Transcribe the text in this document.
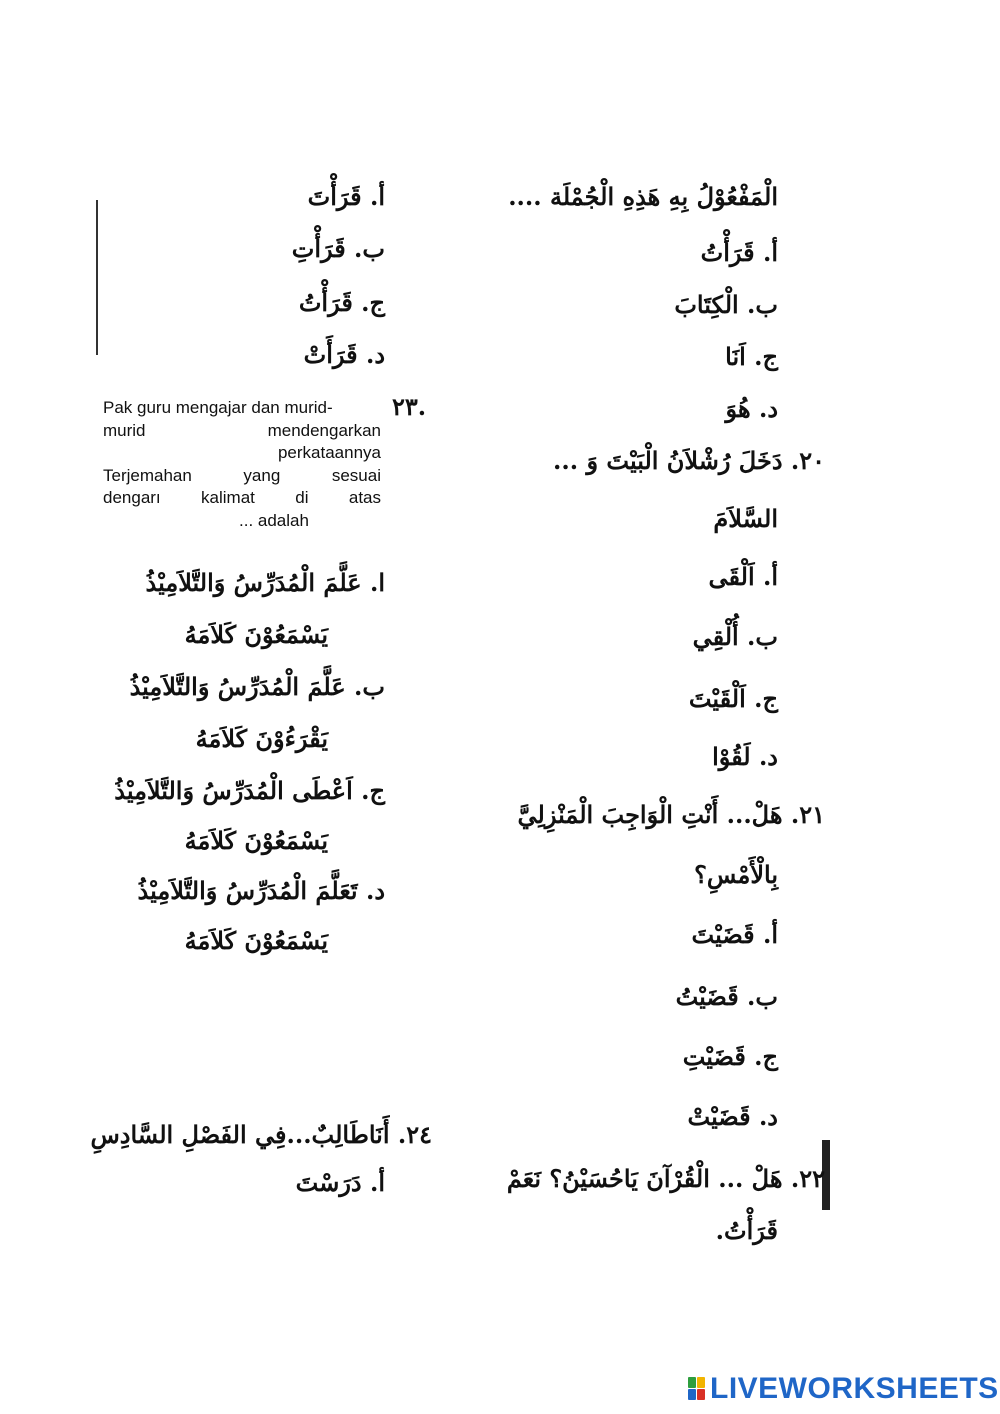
الْمَفْعُوْلُ بِهِ هَذِهِ الْجُمْلَة ....
أ. قَرَأْتُ
ب. الْكِتَابَ
ج. اَنَا
د. هُوَ
٢٠. دَخَلَ رُشْلاَنُ الْبَيْتَ وَ ...
السَّلاَمَ
أ. اَلْقَى
ب. أُلْقِي
ج. اَلْقَيْتَ
د. لَقُوْا
٢١. هَلْ... أَنْتِ الْوَاجِبَ الْمَنْزِلِيَّ
بِالْأَمْسِ؟
أ. قَضَيْتَ
ب. قَضَيْتُ
ج. قَضَيْتِ
د. قَضَيْتْ
٢٢. هَلْ ... الْقُرْآنَ يَاحُسَيْنُ؟ نَعَمْ
قَرَأْتُ.
أ. قَرَأْتَ
ب. قَرَأْتِ
ج. قَرَأْتُ
د. قَرَأَتْ
.٢٣
Pak guru mengajar dan murid-
murid mendengarkan
perkataannya
Terjemahan yang sesuai
dengarı kalimat di atas
... adalah
ا. عَلَّمَ الْمُدَرِّسُ وَالتَّلاَمِيْذُ
يَسْمَعُوْنَ كَلاَمَهُ
ب. عَلَّمَ الْمُدَرِّسُ وَالتَّلاَمِيْذُ
يَقْرَءُوْنَ كَلاَمَهُ
ج. اَعْطَى الْمُدَرِّسُ وَالتَّلاَمِيْذُ
يَسْمَعُوْنَ كَلاَمَهُ
د. تَعَلَّمَ الْمُدَرِّسُ وَالتَّلاَمِيْذُ
يَسْمَعُوْنَ كَلاَمَهُ
٢٤. أَنَاطَالِبٌ...فِي الفَصْلِ السَّادِسِ
أ. دَرَسْتَ
LIVEWORKSHEETS
